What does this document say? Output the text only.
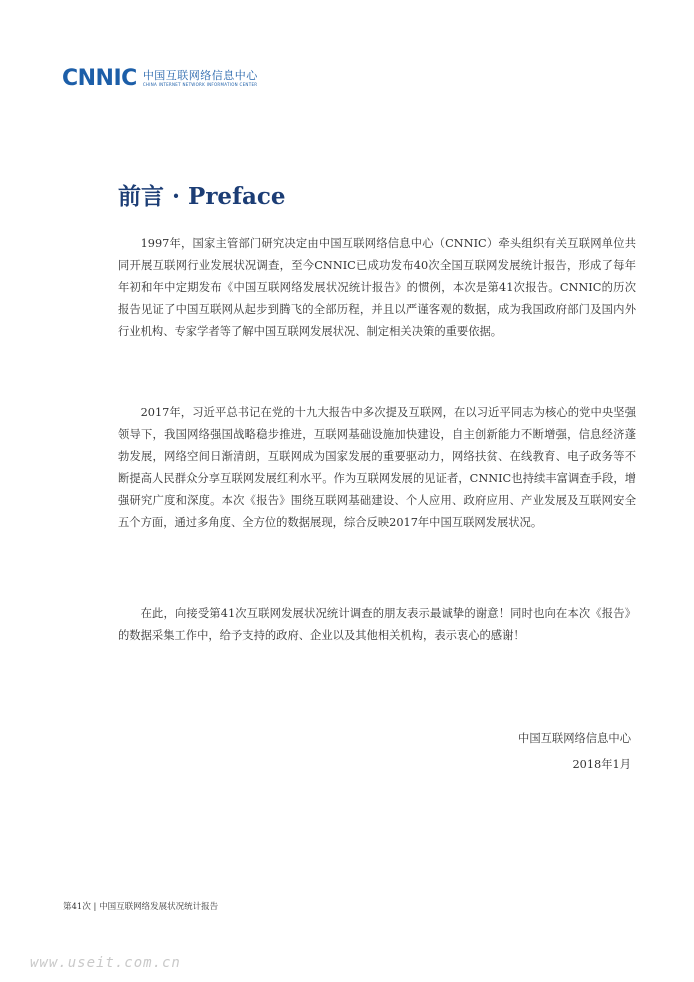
CNNIC 中国互联网络信息中心
CHINA INTERNET NETWORK INFORMATION CENTER
前言 · Preface

1997年，国家主管部门研究决定由中国互联网络信息中心（CNNIC）牵头组织有关互联网单位共同开展互联网行业发展状况调查，至今CNNIC已成功发布40次全国互联网发展统计报告，形成了每年年初和年中定期发布《中国互联网络发展状况统计报告》的惯例，本次是第41次报告。CNNIC的历次报告见证了中国互联网从起步到腾飞的全部历程，并且以严谨客观的数据，成为我国政府部门及国内外行业机构、专家学者等了解中国互联网发展状况、制定相关决策的重要依据。

2017年，习近平总书记在党的十九大报告中多次提及互联网，在以习近平同志为核心的党中央坚强领导下，我国网络强国战略稳步推进，互联网基础设施加快建设，自主创新能力不断增强，信息经济蓬勃发展，网络空间日渐清朗，互联网成为国家发展的重要驱动力，网络扶贫、在线教育、电子政务等不断提高人民群众分享互联网发展红利水平。作为互联网发展的见证者，CNNIC也持续丰富调查手段，增强研究广度和深度。本次《报告》围绕互联网基础建设、个人应用、政府应用、产业发展及互联网安全五个方面，通过多角度、全方位的数据展现，综合反映2017年中国互联网发展状况。

在此，向接受第41次互联网发展状况统计调查的朋友表示最诚挚的谢意！同时也向在本次《报告》的数据采集工作中，给予支持的政府、企业以及其他相关机构，表示衷心的感谢！

中国互联网络信息中心
2018年1月
第41次 | 中国互联网络发展状况统计报告
www.useit.com.cn
